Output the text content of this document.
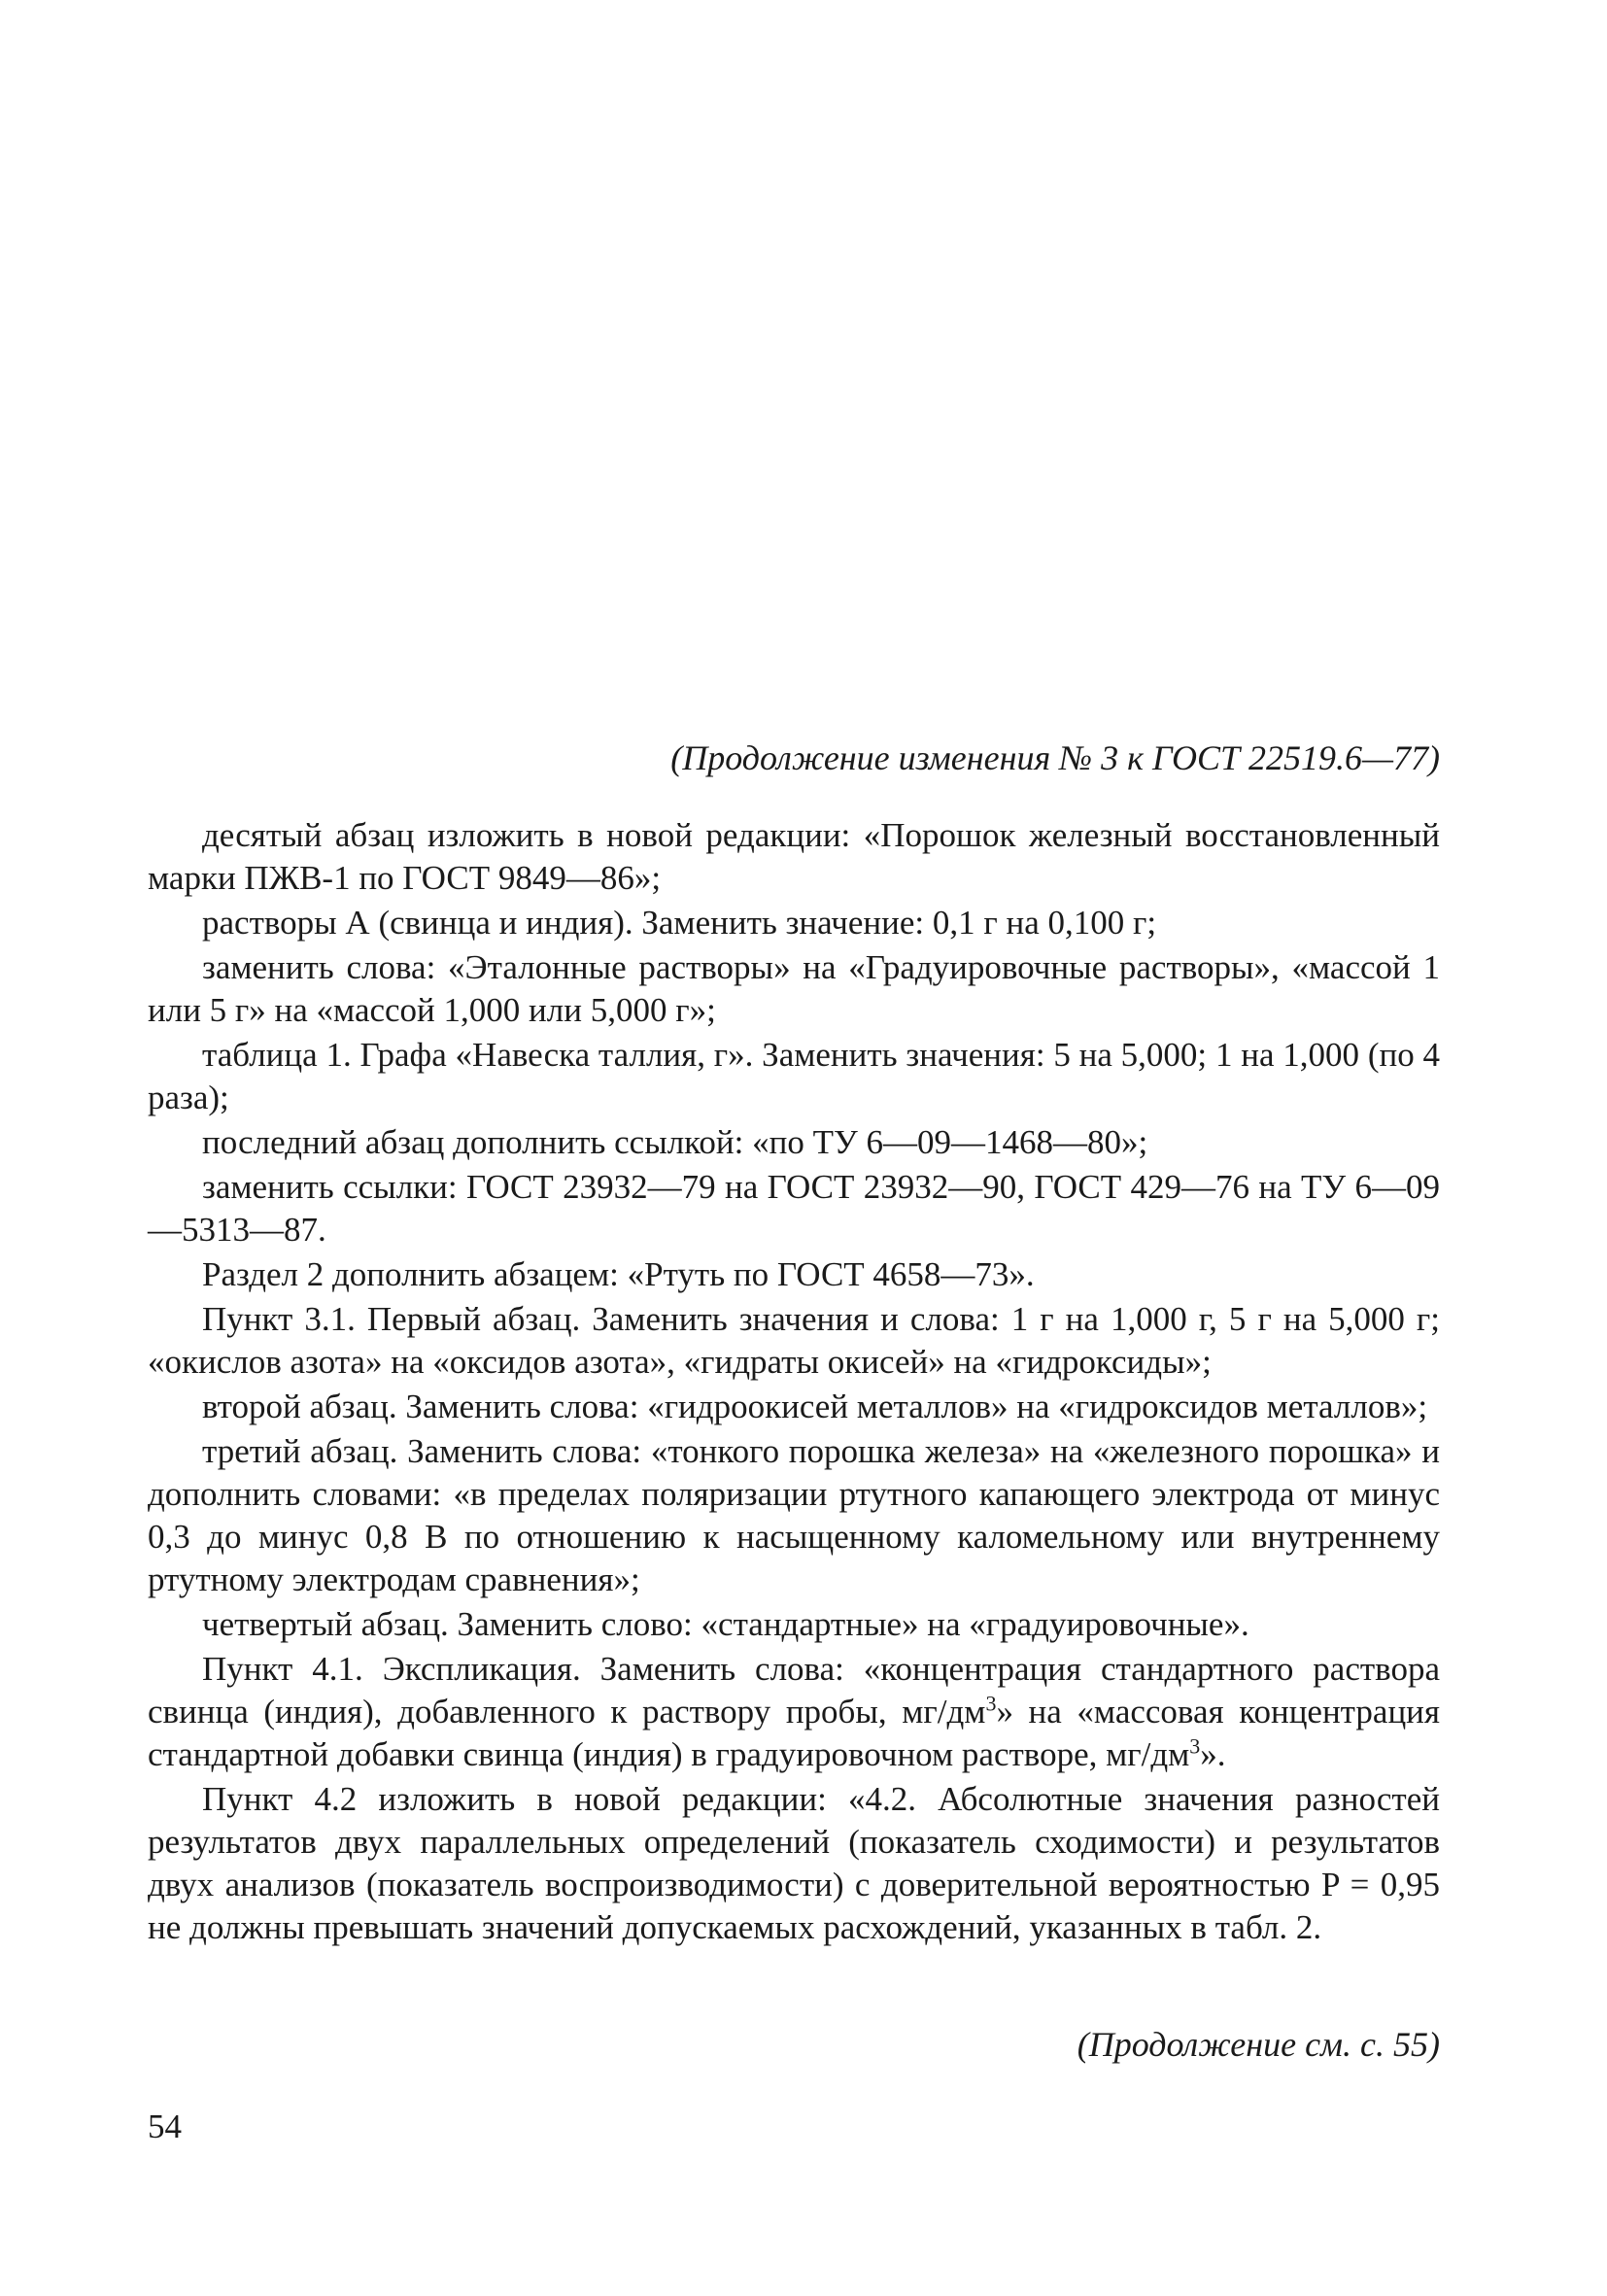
(Продолжение изменения № 3 к ГОСТ 22519.6—77)

десятый абзац изложить в новой редакции: «Порошок железный восстановленный марки ПЖВ-1 по ГОСТ 9849—86»;

растворы А (свинца и индия). Заменить значение: 0,1 г на 0,100 г;

заменить слова: «Эталонные растворы» на «Градуировочные растворы», «массой 1 или 5 г» на «массой 1,000 или 5,000 г»;

таблица 1. Графа «Навеска таллия, г». Заменить значения: 5 на 5,000; 1 на 1,000 (по 4 раза);

последний абзац дополнить ссылкой: «по ТУ 6—09—1468—80»;

заменить ссылки: ГОСТ 23932—79 на ГОСТ 23932—90, ГОСТ 429—76 на ТУ 6—09—5313—87.

Раздел 2 дополнить абзацем: «Ртуть по ГОСТ 4658—73».

Пункт 3.1. Первый абзац. Заменить значения и слова: 1 г на 1,000 г, 5 г на 5,000 г; «окислов азота» на «оксидов азота», «гидраты окисей» на «гидроксиды»;

второй абзац. Заменить слова: «гидроокисей металлов» на «гидроксидов металлов»;

третий абзац. Заменить слова: «тонкого порошка железа» на «железного порошка» и дополнить словами: «в пределах поляризации ртутного капающего электрода от минус 0,3 до минус 0,8 В по отношению к насыщенному каломельному или внутреннему ртутному электродам сравнения»;

четвертый абзац. Заменить слово: «стандартные» на «градуировочные».

Пункт 4.1. Экспликация. Заменить слова: «концентрация стандартного раствора свинца (индия), добавленного к раствору пробы, $мг/дм^3$» на «массовая концентрация стандартной добавки свинца (индия) в градуировочном растворе, $мг/дм^3$».

Пункт 4.2 изложить в новой редакции: «4.2. Абсолютные значения разностей результатов двух параллельных определений (показатель сходимости) и результатов двух анализов (показатель воспроизводимости) с доверительной вероятностью P = 0,95 не должны превышать значений допускаемых расхождений, указанных в табл. 2.

(Продолжение см. с. 55)
54
